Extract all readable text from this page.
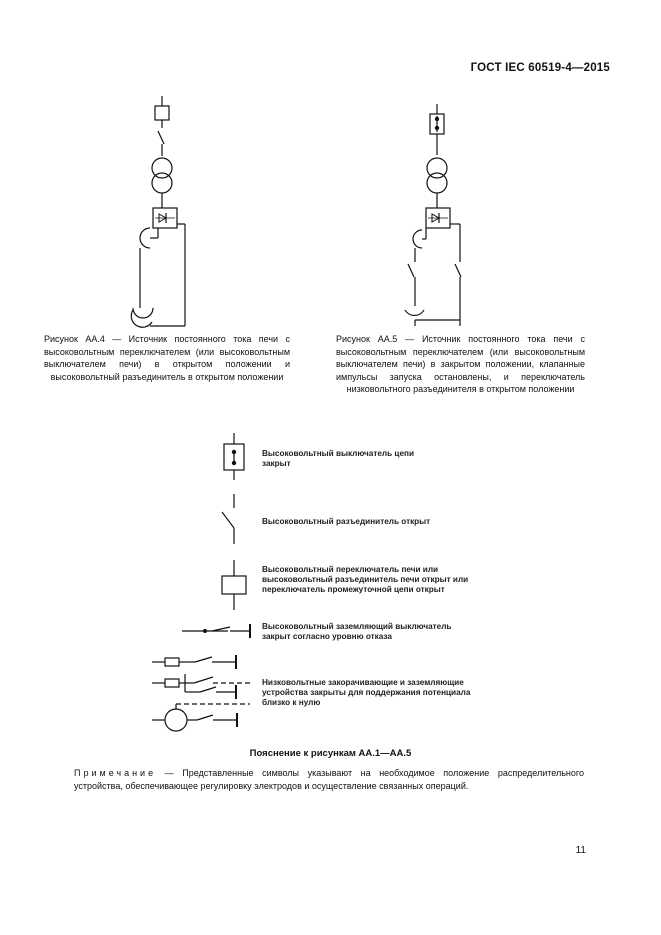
ГОСТ IEC 60519-4—2015
Рисунок АА.4 — Источник постоянного тока печи с высоковольтным переключателем (или высоковольтным выключателем печи) в открытом положении и высоковольтный разъединитель в открытом положении
Рисунок АА.5 — Источник постоянного тока печи с высоковольтным переключателем (или высоковольтным выключателем печи) в закрытом положении, клапанные импульсы запуска остановлены, и переключатель низковольтного разъединителя в открытом положении
Высоковольтный выключатель цепи закрыт
Высоковольтный разъединитель открыт
Высоковольтный переключатель печи или высоковольтный разъединитель печи открыт или переключатель промежуточной цепи открыт
Высоковольтный заземляющий выключатель закрыт согласно уровню отказа
Низковольтные закорачивающие и заземляющие устройства закрыты для поддержания потенциала близко к нулю
Пояснение к рисункам АА.1—АА.5
Примечание — Представленные символы указывают на необходимое положение распределительного устройства, обеспечивающее регулировку электродов и осуществление связанных операций.
11
